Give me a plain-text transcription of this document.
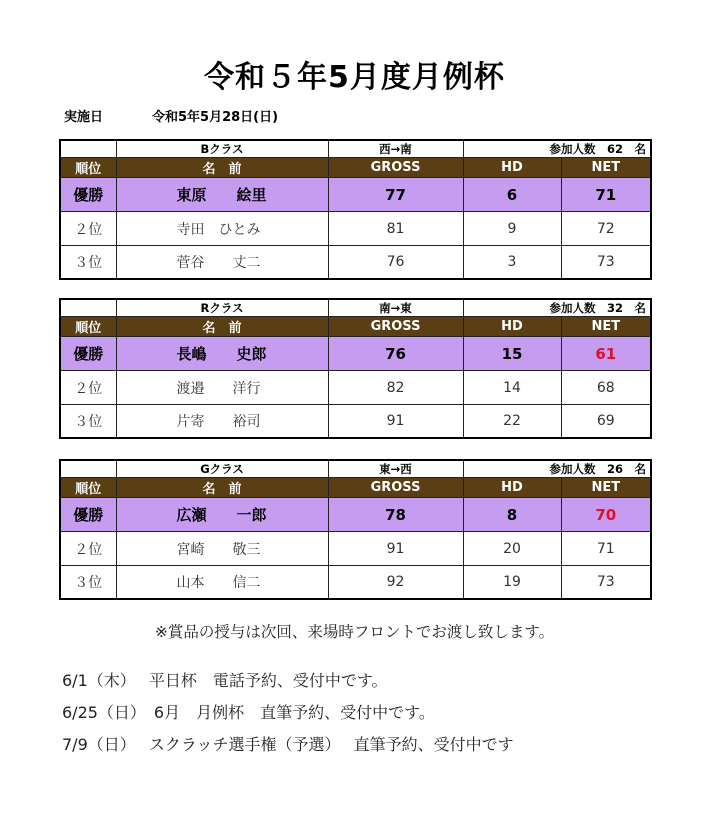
令和５年5月度月例杯
実施日	令和5年5月28日(日)
	Bクラス	西→南	参加人数　62　名	
順位	名　前	GROSS	HD	NET
優勝	東原　　絵里	77	6	71
２位	寺田　ひとみ	81	9	72
３位	菅谷　　丈二	76	3	73
	Rクラス	南→東	参加人数　32　名	
順位	名　前	GROSS	HD	NET
優勝	長嶋　　史郎	76	15	61
２位	渡邉　　洋行	82	14	68
３位	片寄　　裕司	91	22	69
	Gクラス	東→西	参加人数　26　名	
順位	名　前	GROSS	HD	NET
優勝	広瀬　　一郎	78	8	70
２位	宮崎　　敬三	91	20	71
３位	山本　　信二	92	19	73
※賞品の授与は次回、来場時フロントでお渡し致します。
6/1（木）　 平日杯　電話予約、受付中です。
6/25（日）　6月　月例杯　直筆予約、受付中です。
7/9（日）　 スクラッチ選手権（予選）　 直筆予約、受付中です
